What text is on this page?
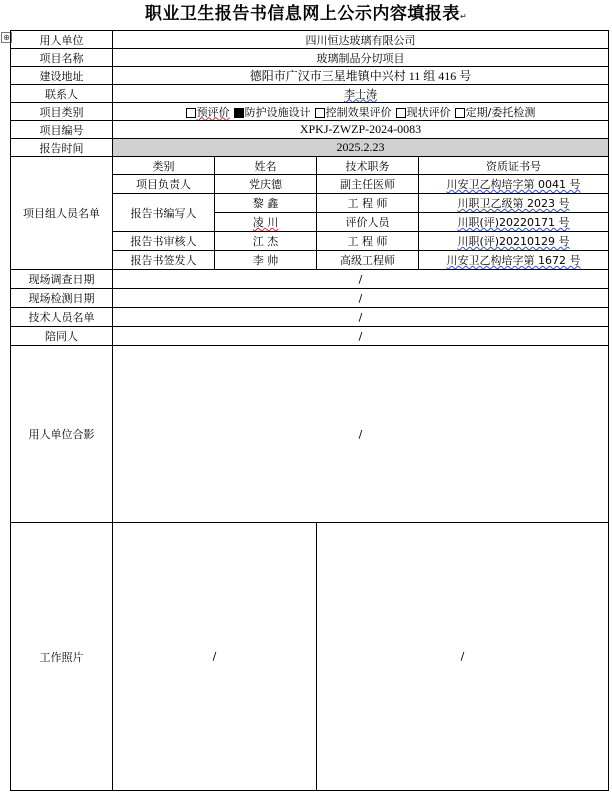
职业卫生报告书信息网上公示内容填报表↵
⊕	用人单位	四川恒达玻璃有限公司			
项目名称	玻璃制品分切项目			
建设地址	德阳市广汉市三星堆镇中兴村 11 组 416 号			
联系人	李士涛			
项目类别	预评价 防护设施设计 控制效果评价 现状评价 定期/委托检测			
项目编号	XPKJ-ZWZP-2024-0083			
报告时间	2025.2.23			
项目组人员名单	类别	姓名	技术职务	资质证书号
	项目负责人	党庆德	副主任医师	川安卫乙构培字第 0041 号
	报告书编写人	黎 鑫	工 程 师	川职卫乙级第 2023 号
		凌 川	评价人员	川职(评)20220171 号
	报告书审核人	江 杰	工 程 师	川职(评)20210129 号
	报告书签发人	李 帅	高级工程师	川安卫乙构培字第 1672 号
现场调查日期	/			
现场检测日期	/			
技术人员名单	/			
陪同人	/			
用人单位合影	/			
工作照片	/		/	
